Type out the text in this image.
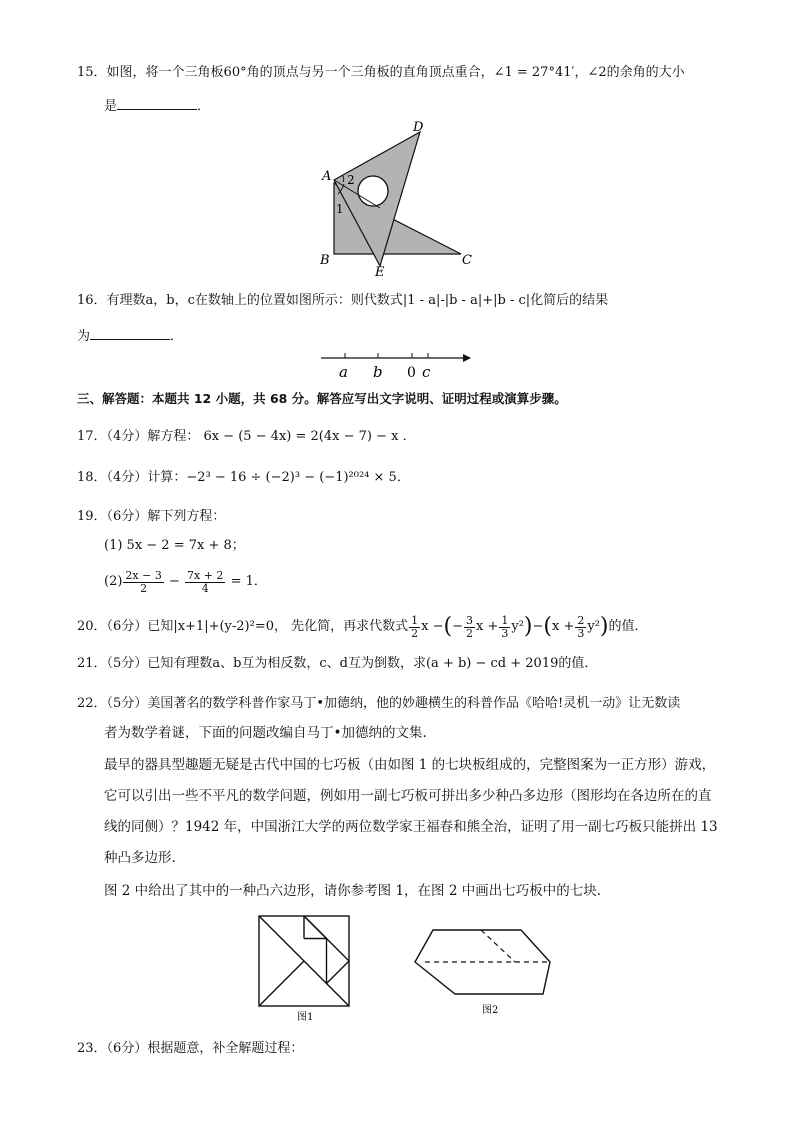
15．如图，将一个三角板60°角的顶点与另一个三角板的直角顶点重合，∠1 = 27°41′，∠2的余角的大小
是	．
A
B	C
D
E
1
2
16．有理数a，b，c在数轴上的位置如图所示：则代数式|1 - a|-|b - a|+|b - c|化简后的结果
为	．
a b 0 c
三、解答题：本题共 12 小题，共 68 分。解答应写出文字说明、证明过程或演算步骤。
17．（4分）解方程： 6x − (5 − 4x) = 2(4x − 7) − x ．
18．（4分）计算：−2³ − 16 ÷ (−2)³ − (−1)²⁰²⁴ × 5．
19．（6分）解下列方程：
(1) 5x − 2 = 7x + 8；
$(2) \frac{2x - 3}{2} - \frac{7x + 2}{4}$
= 1．
20．（6分）已知|x+1|+(y-2)²=0， 先化简，再求代数式 $\frac{1}{2}$ x − ( − $\frac{3}{2}$ $x + \frac{1}{3} y^2$ ) − ( $x + \frac{2}{3} y^2$ ) 的值．
21．（5分）已知有理数a、b互为相反数，c、d互为倒数，求(a + b) − cd + 2019的值．
22．（5分）美国著名的数学科普作家马丁•加德纳，他的妙趣横生的科普作品《哈哈!灵机一动》让无数读
者为数学着谜，下面的问题改编自马丁•加德纳的文集.
最早的器具型趣题无疑是古代中国的七巧板（由如图 1 的七块板组成的，完整图案为一正方形）游戏，它可以引出一些不平凡的数学问题，例如用一副七巧板可拼出多少种凸多边形（图形均在各边所在的直线的同侧）？1942 年，中国浙江大学的两位数学家王福春和熊全治，证明了用一副七巧板只能拼出 13 种凸多边形.
图 2 中给出了其中的一种凸六边形，请你参考图 1，在图 2 中画出七巧板中的七块.
图1
图2
23．（6分）根据题意，补全解题过程：
